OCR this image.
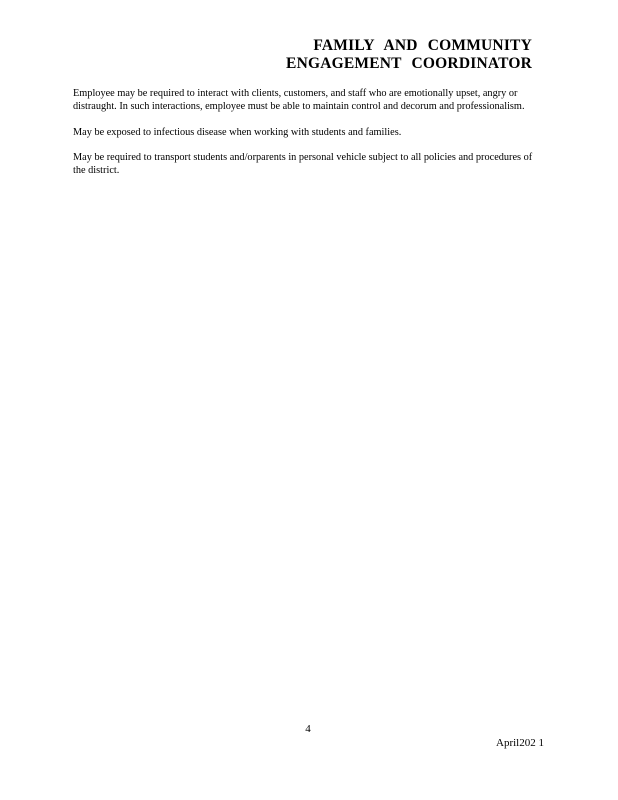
FAMILY AND COMMUNITY
ENGAGEMENT COORDINATOR

Employee may be required to interact with clients, customers, and staff who are emotionally upset, angry or distraught. In such interactions, employee must be able to maintain control and decorum and professionalism.

May be exposed to infectious disease when working with students and families.

May be required to transport students and/orparents in personal vehicle subject to all policies and procedures of the district.

4
April202 1
